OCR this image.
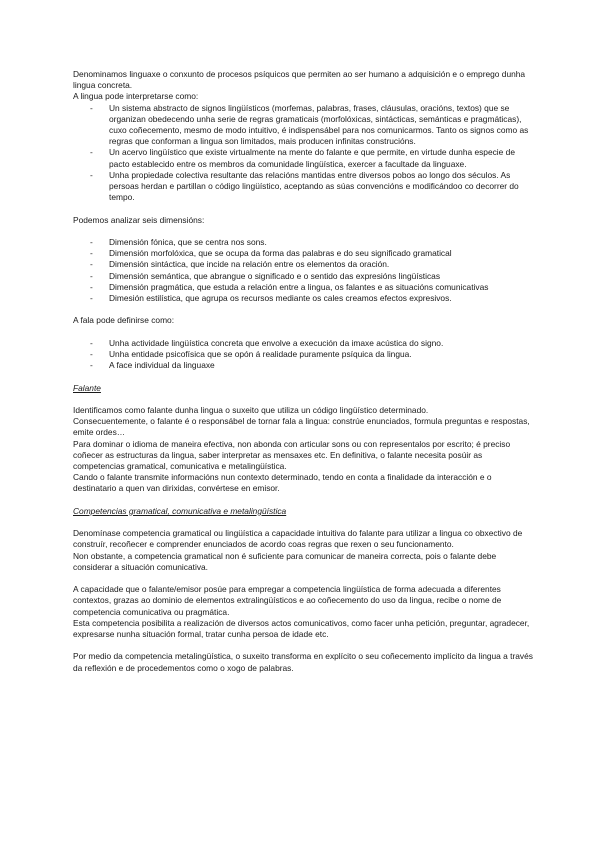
Denominamos linguaxe o conxunto de procesos psíquicos que permiten ao ser humano a adquisición e o emprego dunha lingua concreta.

A lingua pode interpretarse como:

- Un sistema abstracto de signos lingüísticos (morfemas, palabras, frases, cláusulas, oracións, textos) que se organizan obedecendo unha serie de regras gramaticais (morfolóxicas, sintácticas, semánticas e pragmáticas), cuxo coñecemento, mesmo de modo intuitivo, é indispensábel para nos comunicarmos. Tanto os signos como as regras que conforman a lingua son limitados, mais producen infinitas construcións.
- Un acervo lingüístico que existe virtualmente na mente do falante e que permite, en virtude dunha especie de pacto establecido entre os membros da comunidade lingüística, exercer a facultade da linguaxe.
- Unha propiedade colectiva resultante das relacións mantidas entre diversos pobos ao longo dos séculos. As persoas herdan e partillan o código lingüístico, aceptando as súas convencións e modificándoo co decorrer do tempo.

Podemos analizar seis dimensións:

- Dimensión fónica, que se centra nos sons.
- Dimensión morfolóxica, que se ocupa da forma das palabras e do seu significado gramatical
- Dimensión sintáctica, que incide na relación entre os elementos da oración.
- Dimensión semántica, que abrangue o significado e o sentido das expresións lingüísticas
- Dimensión pragmática, que estuda a relación entre a lingua, os falantes e as situacións comunicativas
- Dimesión estilística, que agrupa os recursos mediante os cales creamos efectos expresivos.

A fala pode definirse como:

- Unha actividade lingüística concreta que envolve a execución da imaxe acústica do signo.
- Unha entidade psicofísica que se opón á realidade puramente psíquica da lingua.
- A face individual da linguaxe

Falante

Identificamos como falante dunha lingua o suxeito que utiliza un código lingüístico determinado.

Consecuentemente, o falante é o responsábel de tornar fala a lingua: constrúe enunciados, formula preguntas e respostas, emite ordes…

Para dominar o idioma de maneira efectiva, non abonda con articular sons ou con representalos por escrito; é preciso coñecer as estructuras da lingua, saber interpretar as mensaxes etc. En definitiva, o falante necesita posúir as competencias gramatical, comunicativa e metalingüística.

Cando o falante transmite informacións nun contexto determinado, tendo en conta a finalidade da interacción e o destinatario a quen van dirixidas, convértese en emisor.

Competencias gramatical, comunicativa e metalingüística

Denomínase competencia gramatical ou lingüística a capacidade intuitiva do falante para utilizar a lingua co obxectivo de construír, recoñecer e comprender enunciados de acordo coas regras que rexen o seu funcionamento.

Non obstante, a competencia gramatical non é suficiente para comunicar de maneira correcta, pois o falante debe considerar a situación comunicativa.

A capacidade que o falante/emisor posúe para empregar a competencia lingüística de forma adecuada a diferentes contextos, grazas ao dominio de elementos extralingüísticos e ao coñecemento do uso da lingua, recibe o nome de competencia comunicativa ou pragmática.

Esta competencia posibilita a realización de diversos actos comunicativos, como facer unha petición, preguntar, agradecer, expresarse nunha situación formal, tratar cunha persoa de idade etc.

Por medio da competencia metalingüística, o suxeito transforma en explícito o seu coñecemento implícito da lingua a través da reflexión e de procedementos como o xogo de palabras.
